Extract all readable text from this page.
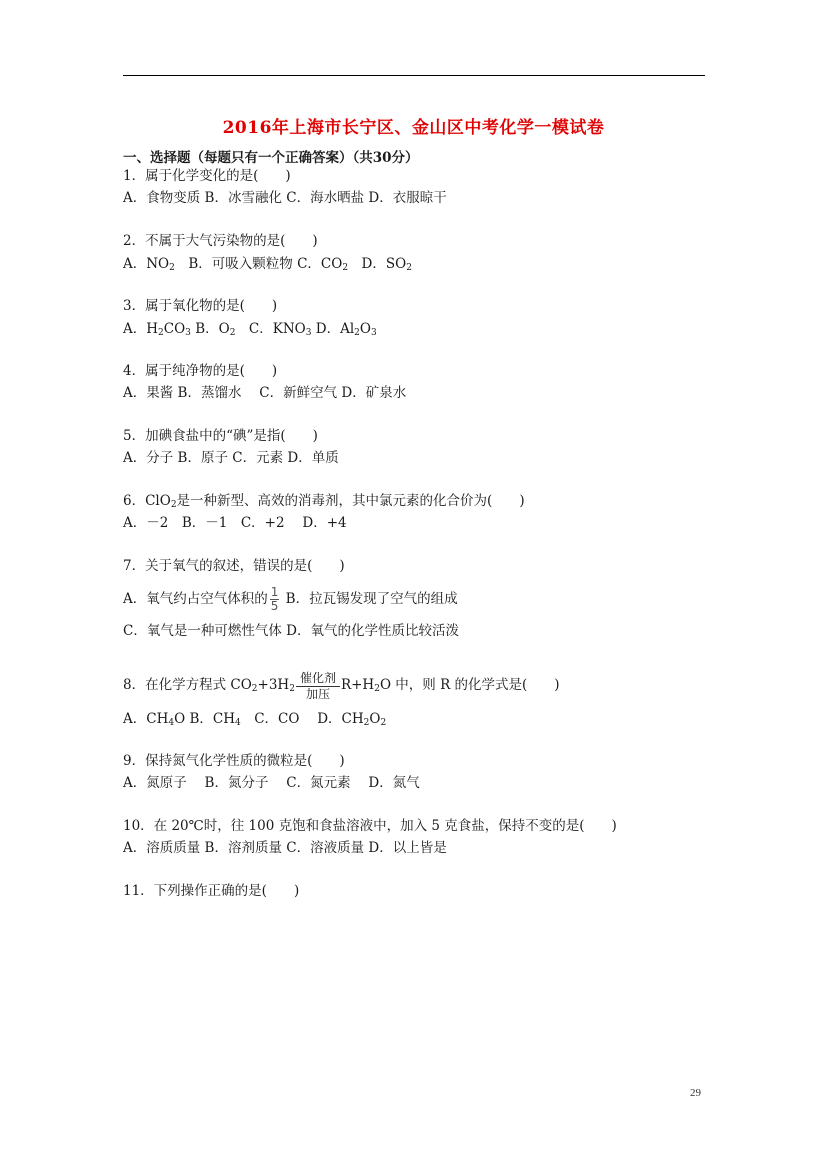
2016年上海市长宁区、金山区中考化学一模试卷
一、选择题（每题只有一个正确答案）（共30分）
1．属于化学变化的是(　　)
A．食物变质 B．冰雪融化 C．海水晒盐 D．衣服晾干
2．不属于大气污染物的是(　　)
A．$NO_2$　B．可吸入颗粒物 C．$CO_2$　D．$SO_2$
3．属于氧化物的是(　　)
A．$H_2CO_3$ B．$O_2$　C．$KNO_3$ D．$Al_2O_3$
4．属于纯净物的是(　　)
A．果酱 B．蒸馏水　 C．新鲜空气 D．矿泉水
5．加碘食盐中的“碘”是指(　　)
A．分子 B．原子 C．元素 D．单质
6．ClO$_2$是一种新型、高效的消毒剂，其中氯元素的化合价为(　　)
A．－2　B．－1　C．+2　 D．+4
7．关于氧气的叙述，错误的是(　　)
A．氧气约占空气体积的 $\frac{1}{5}$ B．拉瓦锡发现了空气的组成
C．氧气是一种可燃性气体 D．氧气的化学性质比较活泼
8．在化学方程式 $CO_2+3H_2$
催化剂
加压
$R+H_2O$ 中，则 R 的化学式是(　　)
A．$CH_4O$ B．$CH_4$　C．CO　 D．$CH_2O_2$
9．保持氮气化学性质的微粒是(　　)
A．氮原子　 B．氮分子　 C．氮元素　 D．氮气
10．在 20℃时，往 100 克饱和食盐溶液中，加入 5 克食盐，保持不变的是(　　)
A．溶质质量 B．溶剂质量 C．溶液质量 D．以上皆是
11．下列操作正确的是(　　)
29
